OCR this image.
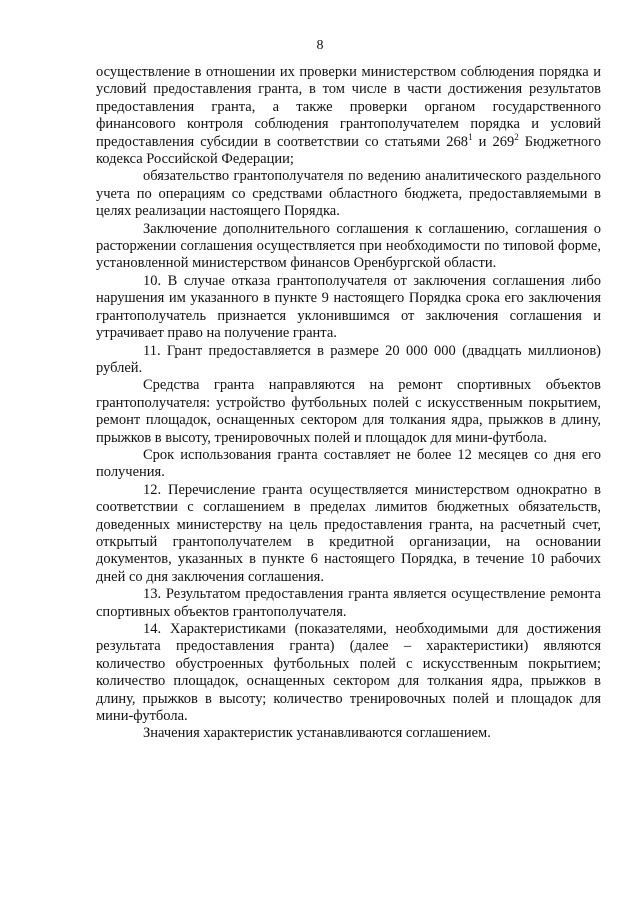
8

осуществление в отношении их проверки министерством соблюдения порядка и условий предоставления гранта, в том числе в части достижения результатов предоставления гранта, а также проверки органом государственного финансового контроля соблюдения грантополучателем порядка и условий предоставления субсидии в соответствии со статьями $268^1$ и $269^2$ Бюджетного кодекса Российской Федерации;

обязательство грантополучателя по ведению аналитического раздельного учета по операциям со средствами областного бюджета, предоставляемыми в целях реализации настоящего Порядка.

Заключение дополнительного соглашения к соглашению, соглашения о расторжении соглашения осуществляется при необходимости по типовой форме, установленной министерством финансов Оренбургской области.

10. В случае отказа грантополучателя от заключения соглашения либо нарушения им указанного в пункте 9 настоящего Порядка срока его заключения грантополучатель признается уклонившимся от заключения соглашения и утрачивает право на получение гранта.

11. Грант предоставляется в размере 20 000 000 (двадцать миллионов) рублей.

Средства гранта направляются на ремонт спортивных объектов грантополучателя: устройство футбольных полей с искусственным покрытием, ремонт площадок, оснащенных сектором для толкания ядра, прыжков в длину, прыжков в высоту, тренировочных полей и площадок для мини-футбола.

Срок использования гранта составляет не более 12 месяцев со дня его получения.

12. Перечисление гранта осуществляется министерством однократно в соответствии с соглашением в пределах лимитов бюджетных обязательств, доведенных министерству на цель предоставления гранта, на расчетный счет, открытый грантополучателем в кредитной организации, на основании документов, указанных в пункте 6 настоящего Порядка, в течение 10 рабочих дней со дня заключения соглашения.

13. Результатом предоставления гранта является осуществление ремонта спортивных объектов грантополучателя.

14. Характеристиками (показателями, необходимыми для достижения результата предоставления гранта) (далее – характеристики) являются количество обустроенных футбольных полей с искусственным покрытием; количество площадок, оснащенных сектором для толкания ядра, прыжков в длину, прыжков в высоту; количество тренировочных полей и площадок для мини-футбола.

Значения характеристик устанавливаются соглашением.
